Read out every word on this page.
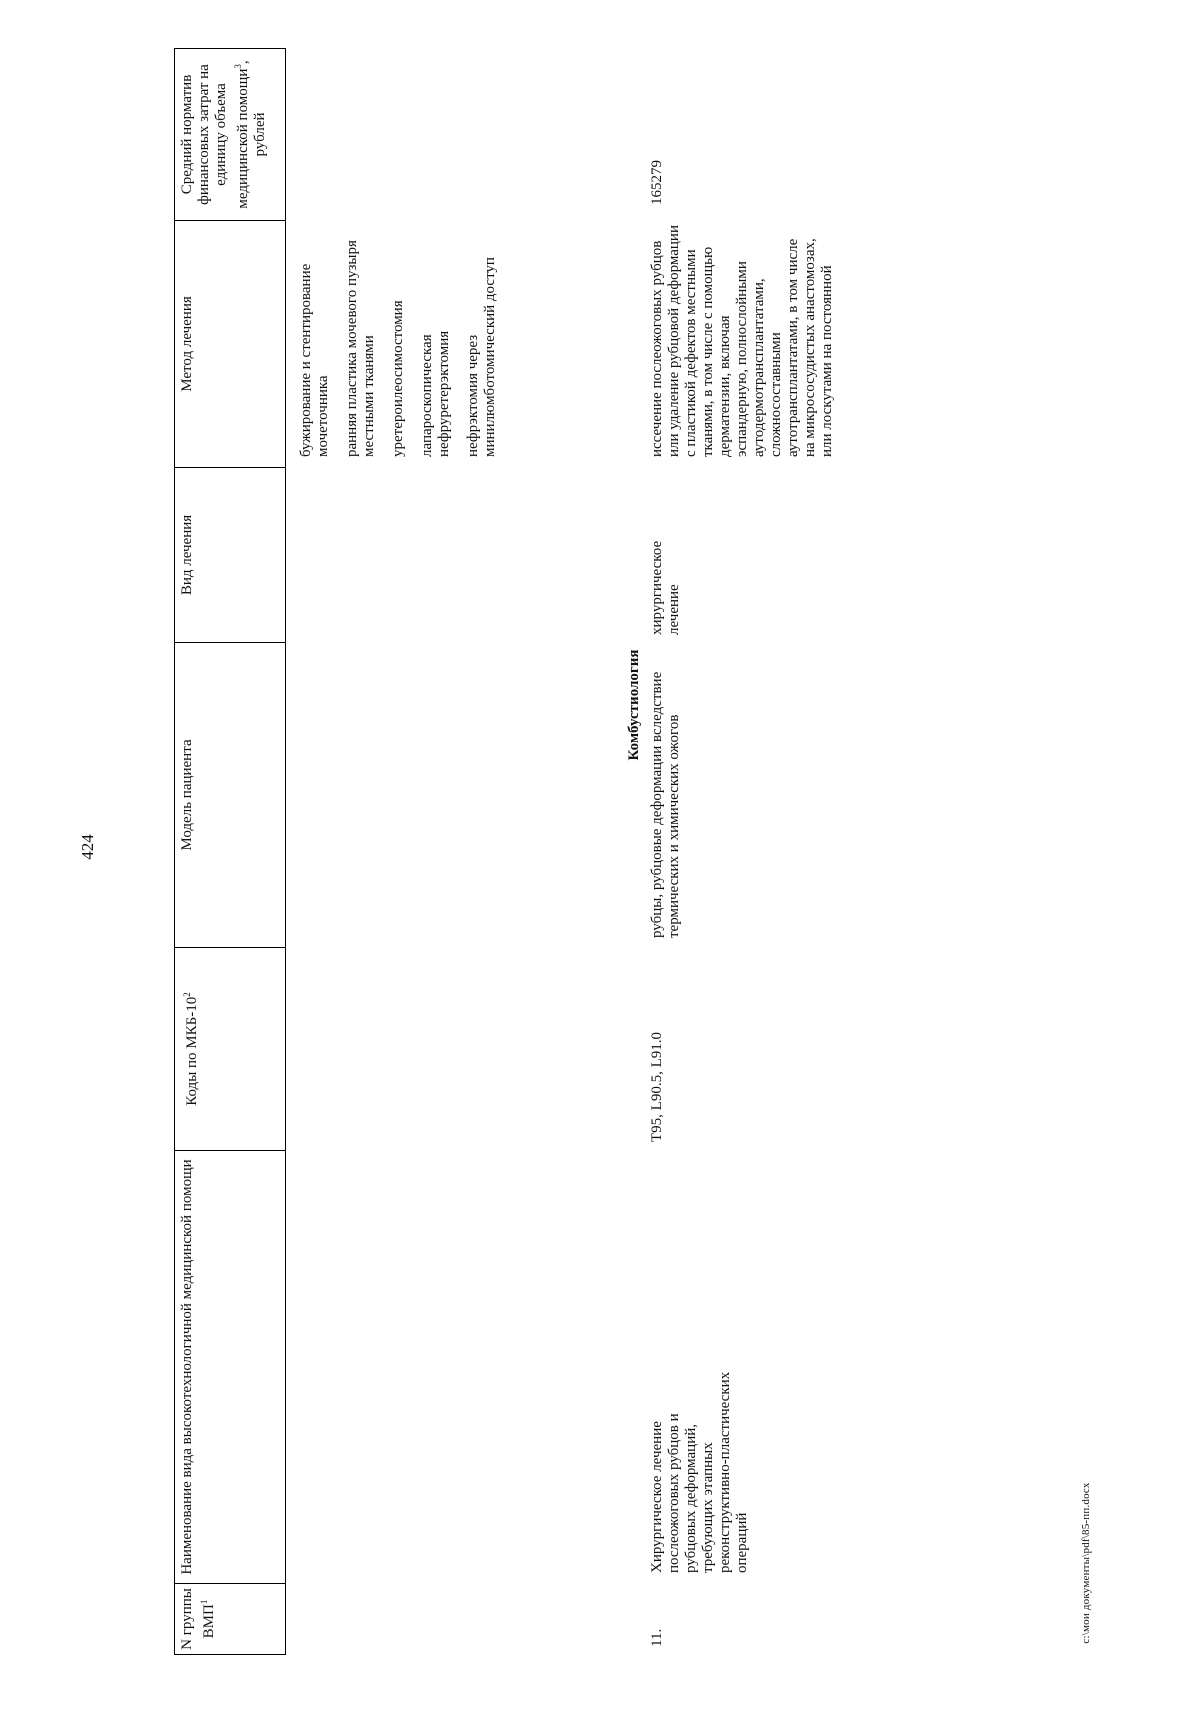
424
c:\мои документы\pdf\85-пп.docx
N группы ВМП$^1$
Наименование вида высокотехнологичной медицинской помощи
Коды по МКБ-$10^2$
Модель пациента
Вид лечения
Метод лечения
Средний норматив финансовых затрат на единицу объема медицинской помощи$^3$, рублей
бужирование и стентирование мочеточника ранняя пластика мочевого пузыря местными тканями уретероилеосимостомия лапароскопическая нефруретерэктомия нефрэктомия через минилюмботомический доступ
Комбустиология
11.
Хирургическое лечение послеожоговых рубцов и рубцовых деформаций, требующих этапных реконструктивно-пластических операций
T95, L90.5, L91.0
рубцы, рубцовые деформации вследствие термических и химических ожогов
хирургическое лечение
иссечение послеожоговых рубцов или удаление рубцовой деформации с пластикой дефектов местными тканями, в том числе с помощью дерматензии, включая эспандерную, полнослойными аутодермотрансплантатами, сложносоставными аутотрансплантатами, в том числе на микрососудистых анастомозах, или лоскутами на постоянной
165279
